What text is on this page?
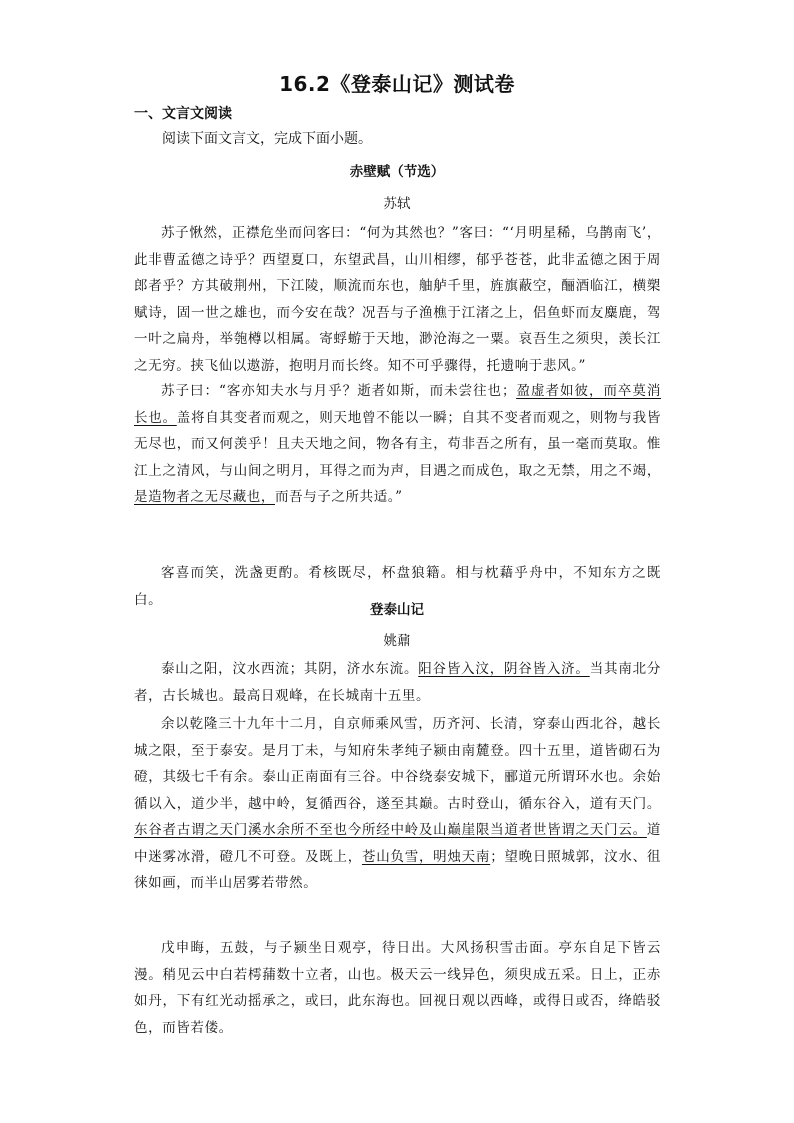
16.2《登泰山记》测试卷
一、文言文阅读
阅读下面文言文，完成下面小题。
赤壁赋（节选）
苏轼
苏子愀然，正襟危坐而问客曰：“何为其然也？”客曰：“‘月明星稀，乌鹊南飞’，此非曹孟德之诗乎？西望夏口，东望武昌，山川相缪，郁乎苍苍，此非孟德之困于周郎者乎？方其破荆州，下江陵，顺流而东也，舳舻千里，旌旗蔽空，酾酒临江，横槊赋诗，固一世之雄也，而今安在哉？况吾与子渔樵于江渚之上，侣鱼虾而友麋鹿，驾一叶之扁舟，举匏樽以相属。寄蜉蝣于天地，渺沧海之一粟。哀吾生之须臾，羡长江之无穷。挟飞仙以遨游，抱明月而长终。知不可乎骤得，托遗响于悲风。”
苏子曰：“客亦知夫水与月乎？逝者如斯，而未尝往也；盈虚者如彼，而卒莫消长也。盖将自其变者而观之，则天地曾不能以一瞬；自其不变者而观之，则物与我皆无尽也，而又何羡乎！且夫天地之间，物各有主，苟非吾之所有，虽一毫而莫取。惟江上之清风，与山间之明月，耳得之而为声，目遇之而成色，取之无禁，用之不竭，是造物者之无尽藏也，而吾与子之所共适。”
客喜而笑，洗盏更酌。肴核既尽，杯盘狼籍。相与枕藉乎舟中，不知东方之既白。
登泰山记
姚鼐
泰山之阳，汶水西流；其阴，济水东流。阳谷皆入汶，阴谷皆入济。当其南北分者，古长城也。最高日观峰，在长城南十五里。
余以乾隆三十九年十二月，自京师乘风雪，历齐河、长清，穿泰山西北谷，越长城之限，至于泰安。是月丁未，与知府朱孝纯子颍由南麓登。四十五里，道皆砌石为磴，其级七千有余。泰山正南面有三谷。中谷绕泰安城下，郦道元所谓环水也。余始循以入，道少半，越中岭，复循西谷，遂至其巅。古时登山，循东谷入，道有天门。东谷者古谓之天门溪水余所不至也今所经中岭及山巅崖限当道者世皆谓之天门云。道中迷雾冰滑，磴几不可登。及既上，苍山负雪，明烛天南；望晚日照城郭，汶水、徂徕如画，而半山居雾若带然。
戊申晦，五鼓，与子颍坐日观亭，待日出。大风扬积雪击面。亭东自足下皆云漫。稍见云中白若樗蒱数十立者，山也。极天云一线异色，须臾成五采。日上，正赤如丹，下有红光动摇承之，或曰，此东海也。回视日观以西峰，或得日或否，绛皓驳色，而皆若偻。
